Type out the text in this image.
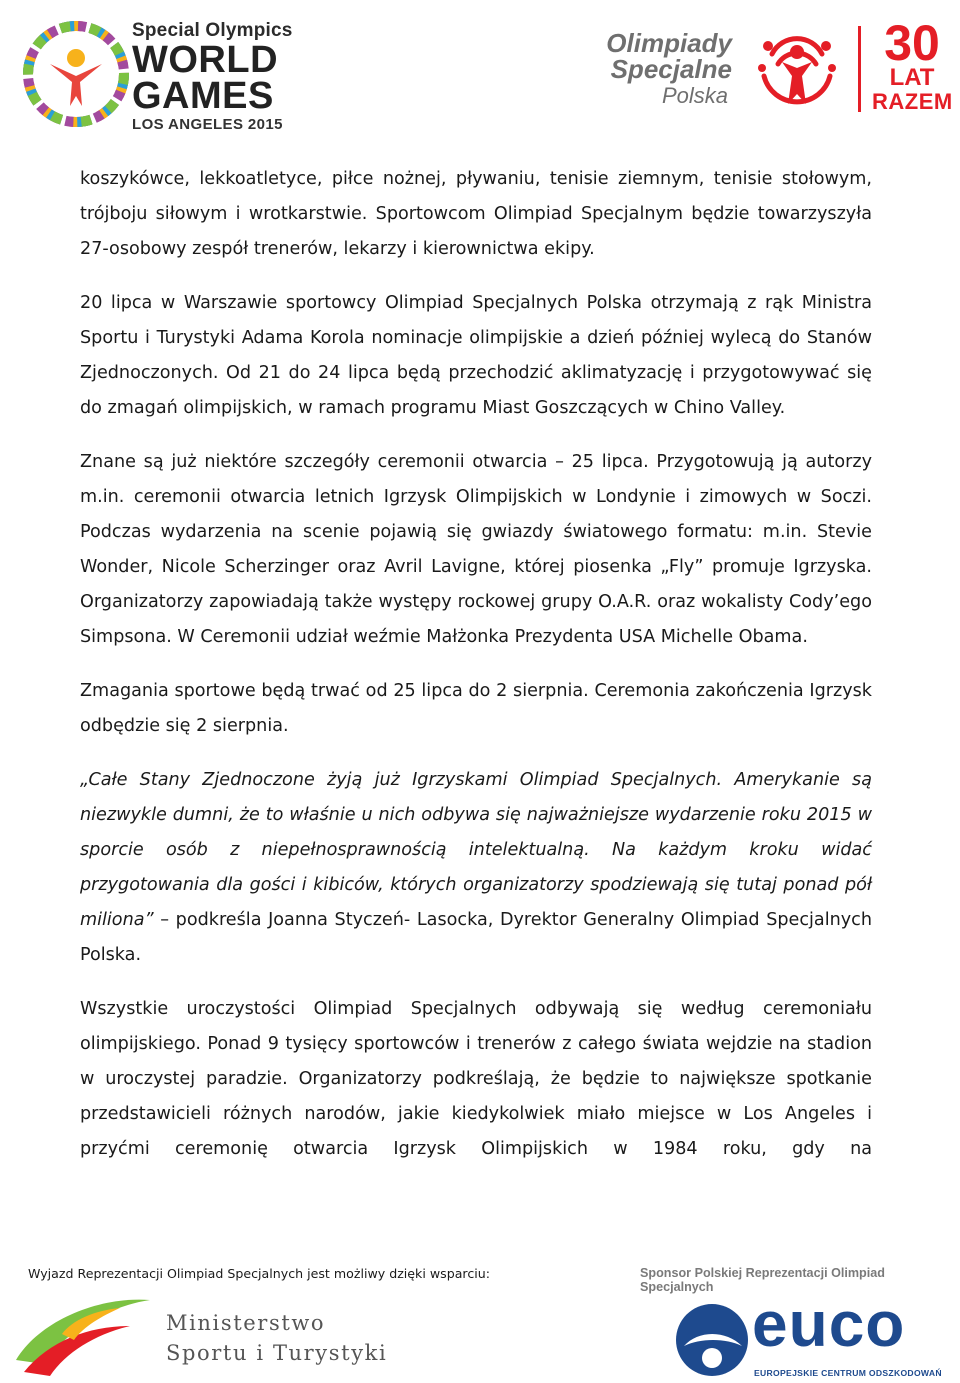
Special Olympics
WORLD
GAMES
LOS ANGELES 2015
Olimpiady
Specjalne
Polska
30
LAT
RAZEM

koszykówce, lekkoatletyce, piłce nożnej, pływaniu, tenisie ziemnym, tenisie stołowym, trójboju siłowym i wrotkarstwie. Sportowcom Olimpiad Specjalnym będzie towarzyszyła 27-osobowy zespół trenerów, lekarzy i kierownictwa ekipy.

20 lipca w Warszawie sportowcy Olimpiad Specjalnych Polska otrzymają z rąk Ministra Sportu i Turystyki Adama Korola nominacje olimpijskie a dzień później wylecą do Stanów Zjednoczonych. Od 21 do 24 lipca będą przechodzić aklimatyzację i przygotowywać się do zmagań olimpijskich, w ramach programu Miast Goszczących w Chino Valley.

Znane są już niektóre szczegóły ceremonii otwarcia – 25 lipca. Przygotowują ją autorzy m.in. ceremonii otwarcia letnich Igrzysk Olimpijskich w Londynie i zimowych w Soczi. Podczas wydarzenia na scenie pojawią się gwiazdy światowego formatu: m.in. Stevie Wonder, Nicole Scherzinger oraz Avril Lavigne, której piosenka „Fly” promuje Igrzyska. Organizatorzy zapowiadają także występy rockowej grupy O.A.R. oraz wokalisty Cody’ego Simpsona. W Ceremonii udział weźmie Małżonka Prezydenta USA Michelle Obama.

Zmagania sportowe będą trwać od 25 lipca do 2 sierpnia. Ceremonia zakończenia Igrzysk odbędzie się 2 sierpnia.

„Całe Stany Zjednoczone żyją już Igrzyskami Olimpiad Specjalnych. Amerykanie są niezwykle dumni, że to właśnie u nich odbywa się najważniejsze wydarzenie roku 2015 w sporcie osób z niepełnosprawnością intelektualną. Na każdym kroku widać przygotowania dla gości i kibiców, których organizatorzy spodziewają się tutaj ponad pół miliona” – podkreśla Joanna Styczeń- Lasocka, Dyrektor Generalny Olimpiad Specjalnych Polska.

Wszystkie uroczystości Olimpiad Specjalnych odbywają się według ceremoniału olimpijskiego. Ponad 9 tysięcy sportowców i trenerów z całego świata wejdzie na stadion w uroczystej paradzie. Organizatorzy podkreślają, że będzie to największe spotkanie przedstawicieli różnych narodów, jakie kiedykolwiek miało miejsce w Los Angeles i przyćmi ceremonię otwarcia Igrzysk Olimpijskich w 1984 roku, gdy na

Wyjazd Reprezentacji Olimpiad Specjalnych jest możliwy dzięki wsparciu:	Sponsor Polskiej Reprezentacji Olimpiad Specjalnych
Ministerstwo
Sportu i Turystyki	euco
EUROPEJSKIE CENTRUM ODSZKODOWAŃ
